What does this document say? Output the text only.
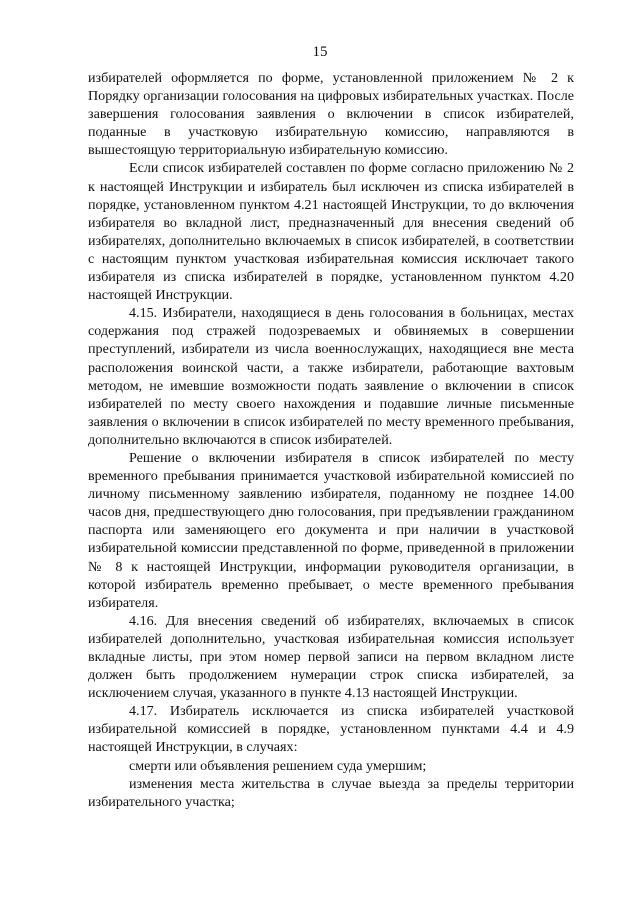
15

избирателей оформляется по форме, установленной приложением № 2 к Порядку организации голосования на цифровых избирательных участках. После завершения голосования заявления о включении в список избирателей, поданные в участковую избирательную комиссию, направляются в вышестоящую территориальную избирательную комиссию.

Если список избирателей составлен по форме согласно приложению № 2 к настоящей Инструкции и избиратель был исключен из списка избирателей в порядке, установленном пунктом 4.21 настоящей Инструкции, то до включения избирателя во вкладной лист, предназначенный для внесения сведений об избирателях, дополнительно включаемых в список избирателей, в соответствии с настоящим пунктом участковая избирательная комиссия исключает такого избирателя из списка избирателей в порядке, установленном пунктом 4.20 настоящей Инструкции.

4.15. Избиратели, находящиеся в день голосования в больницах, местах содержания под стражей подозреваемых и обвиняемых в совершении преступлений, избиратели из числа военнослужащих, находящиеся вне места расположения воинской части, а также избиратели, работающие вахтовым методом, не имевшие возможности подать заявление о включении в список избирателей по месту своего нахождения и подавшие личные письменные заявления о включении в список избирателей по месту временного пребывания, дополнительно включаются в список избирателей.

Решение о включении избирателя в список избирателей по месту временного пребывания принимается участковой избирательной комиссией по личному письменному заявлению избирателя, поданному не позднее 14.00 часов дня, предшествующего дню голосования, при предъявлении гражданином паспорта или заменяющего его документа и при наличии в участковой избирательной комиссии представленной по форме, приведенной в приложении № 8 к настоящей Инструкции, информации руководителя организации, в которой избиратель временно пребывает, о месте временного пребывания избирателя.

4.16. Для внесения сведений об избирателях, включаемых в список избирателей дополнительно, участковая избирательная комиссия использует вкладные листы, при этом номер первой записи на первом вкладном листе должен быть продолжением нумерации строк списка избирателей, за исключением случая, указанного в пункте 4.13 настоящей Инструкции.

4.17. Избиратель исключается из списка избирателей участковой избирательной комиссией в порядке, установленном пунктами 4.4 и 4.9 настоящей Инструкции, в случаях:

смерти или объявления решением суда умершим;

изменения места жительства в случае выезда за пределы территории избирательного участка;
